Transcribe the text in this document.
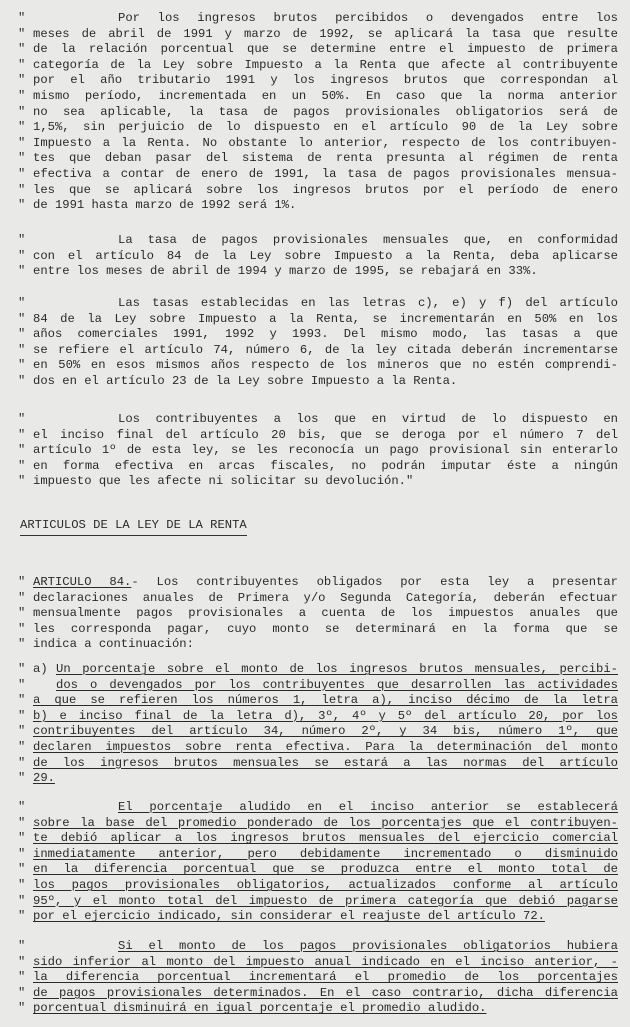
"	Por los ingresos brutos percibidos o devengados entre los
" meses de abril de 1991 y marzo de 1992, se aplicará la tasa que resulte
" de la relación porcentual que se determine entre el impuesto de primera
" categoría de la Ley sobre Impuesto a la Renta que afecte al contribuyente
" por el año tributario 1991 y los ingresos brutos que correspondan al
" mismo período, incrementada en un 50%. En caso que la norma anterior
" no sea aplicable, la tasa de pagos provisionales obligatorios será de
" 1,5%, sin perjuicio de lo dispuesto en el artículo 90 de la Ley sobre
" Impuesto a la Renta. No obstante lo anterior, respecto de los contribuyen-
" tes que deban pasar del sistema de renta presunta al régimen de renta
" efectiva a contar de enero de 1991, la tasa de pagos provisionales mensua-
" les que se aplicará sobre los ingresos brutos por el período de enero
" de 1991 hasta marzo de 1992 será 1%.
"	La tasa de pagos provisionales mensuales que, en conformidad
" con el artículo 84 de la Ley sobre Impuesto a la Renta, deba aplicarse
" entre los meses de abril de 1994 y marzo de 1995, se rebajará en 33%.
"	Las tasas establecidas en las letras c), e) y f) del artículo
" 84 de la Ley sobre Impuesto a la Renta, se incrementarán en 50% en los
" años comerciales 1991, 1992 y 1993. Del mismo modo, las tasas a que
" se refiere el artículo 74, número 6, de la ley citada deberán incrementarse
" en 50% en esos mismos años respecto de los mineros que no estén comprendi-
" dos en el artículo 23 de la Ley sobre Impuesto a la Renta.
"	Los contribuyentes a los que en virtud de lo dispuesto en
" el inciso final del artículo 20 bis, que se deroga por el número 7 del
" artículo 1º de esta ley, se les reconocía un pago provisional sin enterarlo
" en forma efectiva en arcas fiscales, no podrán imputar éste a ningún
" impuesto que les afecte ni solicitar su devolución."
ARTICULOS DE LA LEY DE LA RENTA
" ARTICULO 84.- Los contribuyentes obligados por esta ley a presentar
" declaraciones anuales de Primera y/o Segunda Categoría, deberán efectuar
" mensualmente pagos provisionales a cuenta de los impuestos anuales que
" les corresponda pagar, cuyo monto se determinará en la forma que se
" indica a continuación:
" a) Un porcentaje sobre el monto de los ingresos brutos mensuales, percibi-
"	dos o devengados por los contribuyentes que desarrollen las actividades
" a que se refieren los números 1, letra a), inciso décimo de la letra
" b) e inciso final de la letra d), 3º, 4º y 5º del artículo 20, por los
" contribuyentes del artículo 34, número 2º, y 34 bis, número 1º, que
" declaren impuestos sobre renta efectiva. Para la determinación del monto
" de los ingresos brutos mensuales se estará a las normas del artículo
" 29.
"	El porcentaje aludido en el inciso anterior se establecerá
" sobre la base del promedio ponderado de los porcentajes que el contribuyen-
" te debió aplicar a los ingresos brutos mensuales del ejercicio comercial
" inmediatamente anterior, pero debidamente incrementado o disminuido
" en la diferencia porcentual que se produzca entre el monto total de
" los pagos provisionales obligatorios, actualizados conforme al artículo
" 95º, y el monto total del impuesto de primera categoría que debió pagarse
" por el ejercicio indicado, sin considerar el reajuste del artículo 72.
"	Si el monto de los pagos provisionales obligatorios hubiera
" sido inferior al monto del impuesto anual indicado en el inciso anterior, -
" la diferencia porcentual incrementará el promedio de los porcentajes
" de pagos provisionales determinados. En el caso contrario, dicha diferencia
" porcentual disminuirá en igual porcentaje el promedio aludido.
